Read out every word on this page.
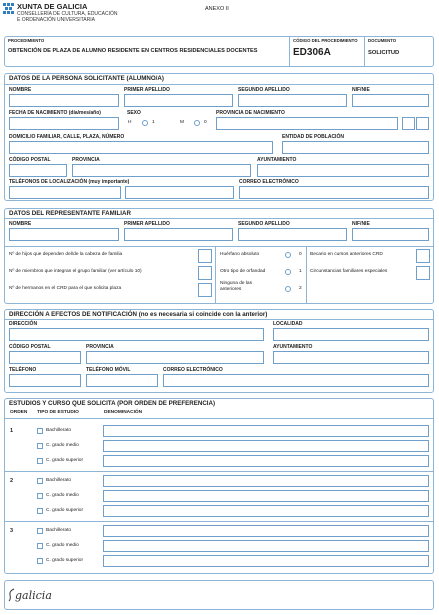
XUNTA DE GALICIA
CONSELLERÍA DE CULTURA, EDUCACIÓN
E ORDENACIÓN UNIVERSITARIA
ANEXO II
PROCEDIMIENTO
OBTENCIÓN DE PLAZA DE ALUMNO RESIDENTE EN CENTROS RESIDENCIALES DOCENTES
CÓDIGO DEL PROCEDIMIENTO
ED306A
DOCUMENTO
SOLICITUD
DATOS DE LA PERSONA SOLICITANTE (ALUMNO/A)
NOMBRE	PRIMER APELLIDO	SEGUNDO APELLIDO	NIF/NIE
FECHA DE NACIMIENTO (día/mes/año)	SEXO
H	1	M	0
PROVINCIA DE NACIMIENTO
DOMICILIO FAMILIAR, CALLE, PLAZA, NÚMERO	ENTIDAD DE POBLACIÓN
CÓDIGO POSTAL	PROVINCIA	AYUNTAMIENTO
TELÉFONOS DE LOCALIZACIÓN (muy importante)	CORREO ELECTRÓNICO
DATOS DEL REPRESENTANTE FAMILIAR
NOMBRE	PRIMER APELLIDO	SEGUNDO APELLIDO	NIF/NIE
Nº de hijos que dependen del/de la cabeza de familia
Nº de miembros que integran el grupo familiar (ver artículo 10)
Nº de hermanos en el CRD para el que solicita plaza
Huérfano absoluto	0
Otro tipo de orfandad	1
Ninguna de las anteriores	2
Becario en cursos anteriores CRD
Circunstancias familiares especiales
DIRECCIÓN A EFECTOS DE NOTIFICACIÓN (no es necesaria si coincide con la anterior)
DIRECCIÓN	LOCALIDAD
CÓDIGO POSTAL	PROVINCIA	AYUNTAMIENTO
TELÉFONO	TELÉFONO MÓVIL	CORREO ELECTRÓNICO
ESTUDIOS Y CURSO QUE SOLICITA (POR ORDEN DE PREFERENCIA)
ORDEN TIPO DE ESTUDIO	DENOMINACIÓN
1	Bachillerato
C. grado medio
C. grado superior
2	Bachillerato
C. grado medio
C. grado superior
3	Bachillerato
C. grado medio
C. grado superior
galicia
